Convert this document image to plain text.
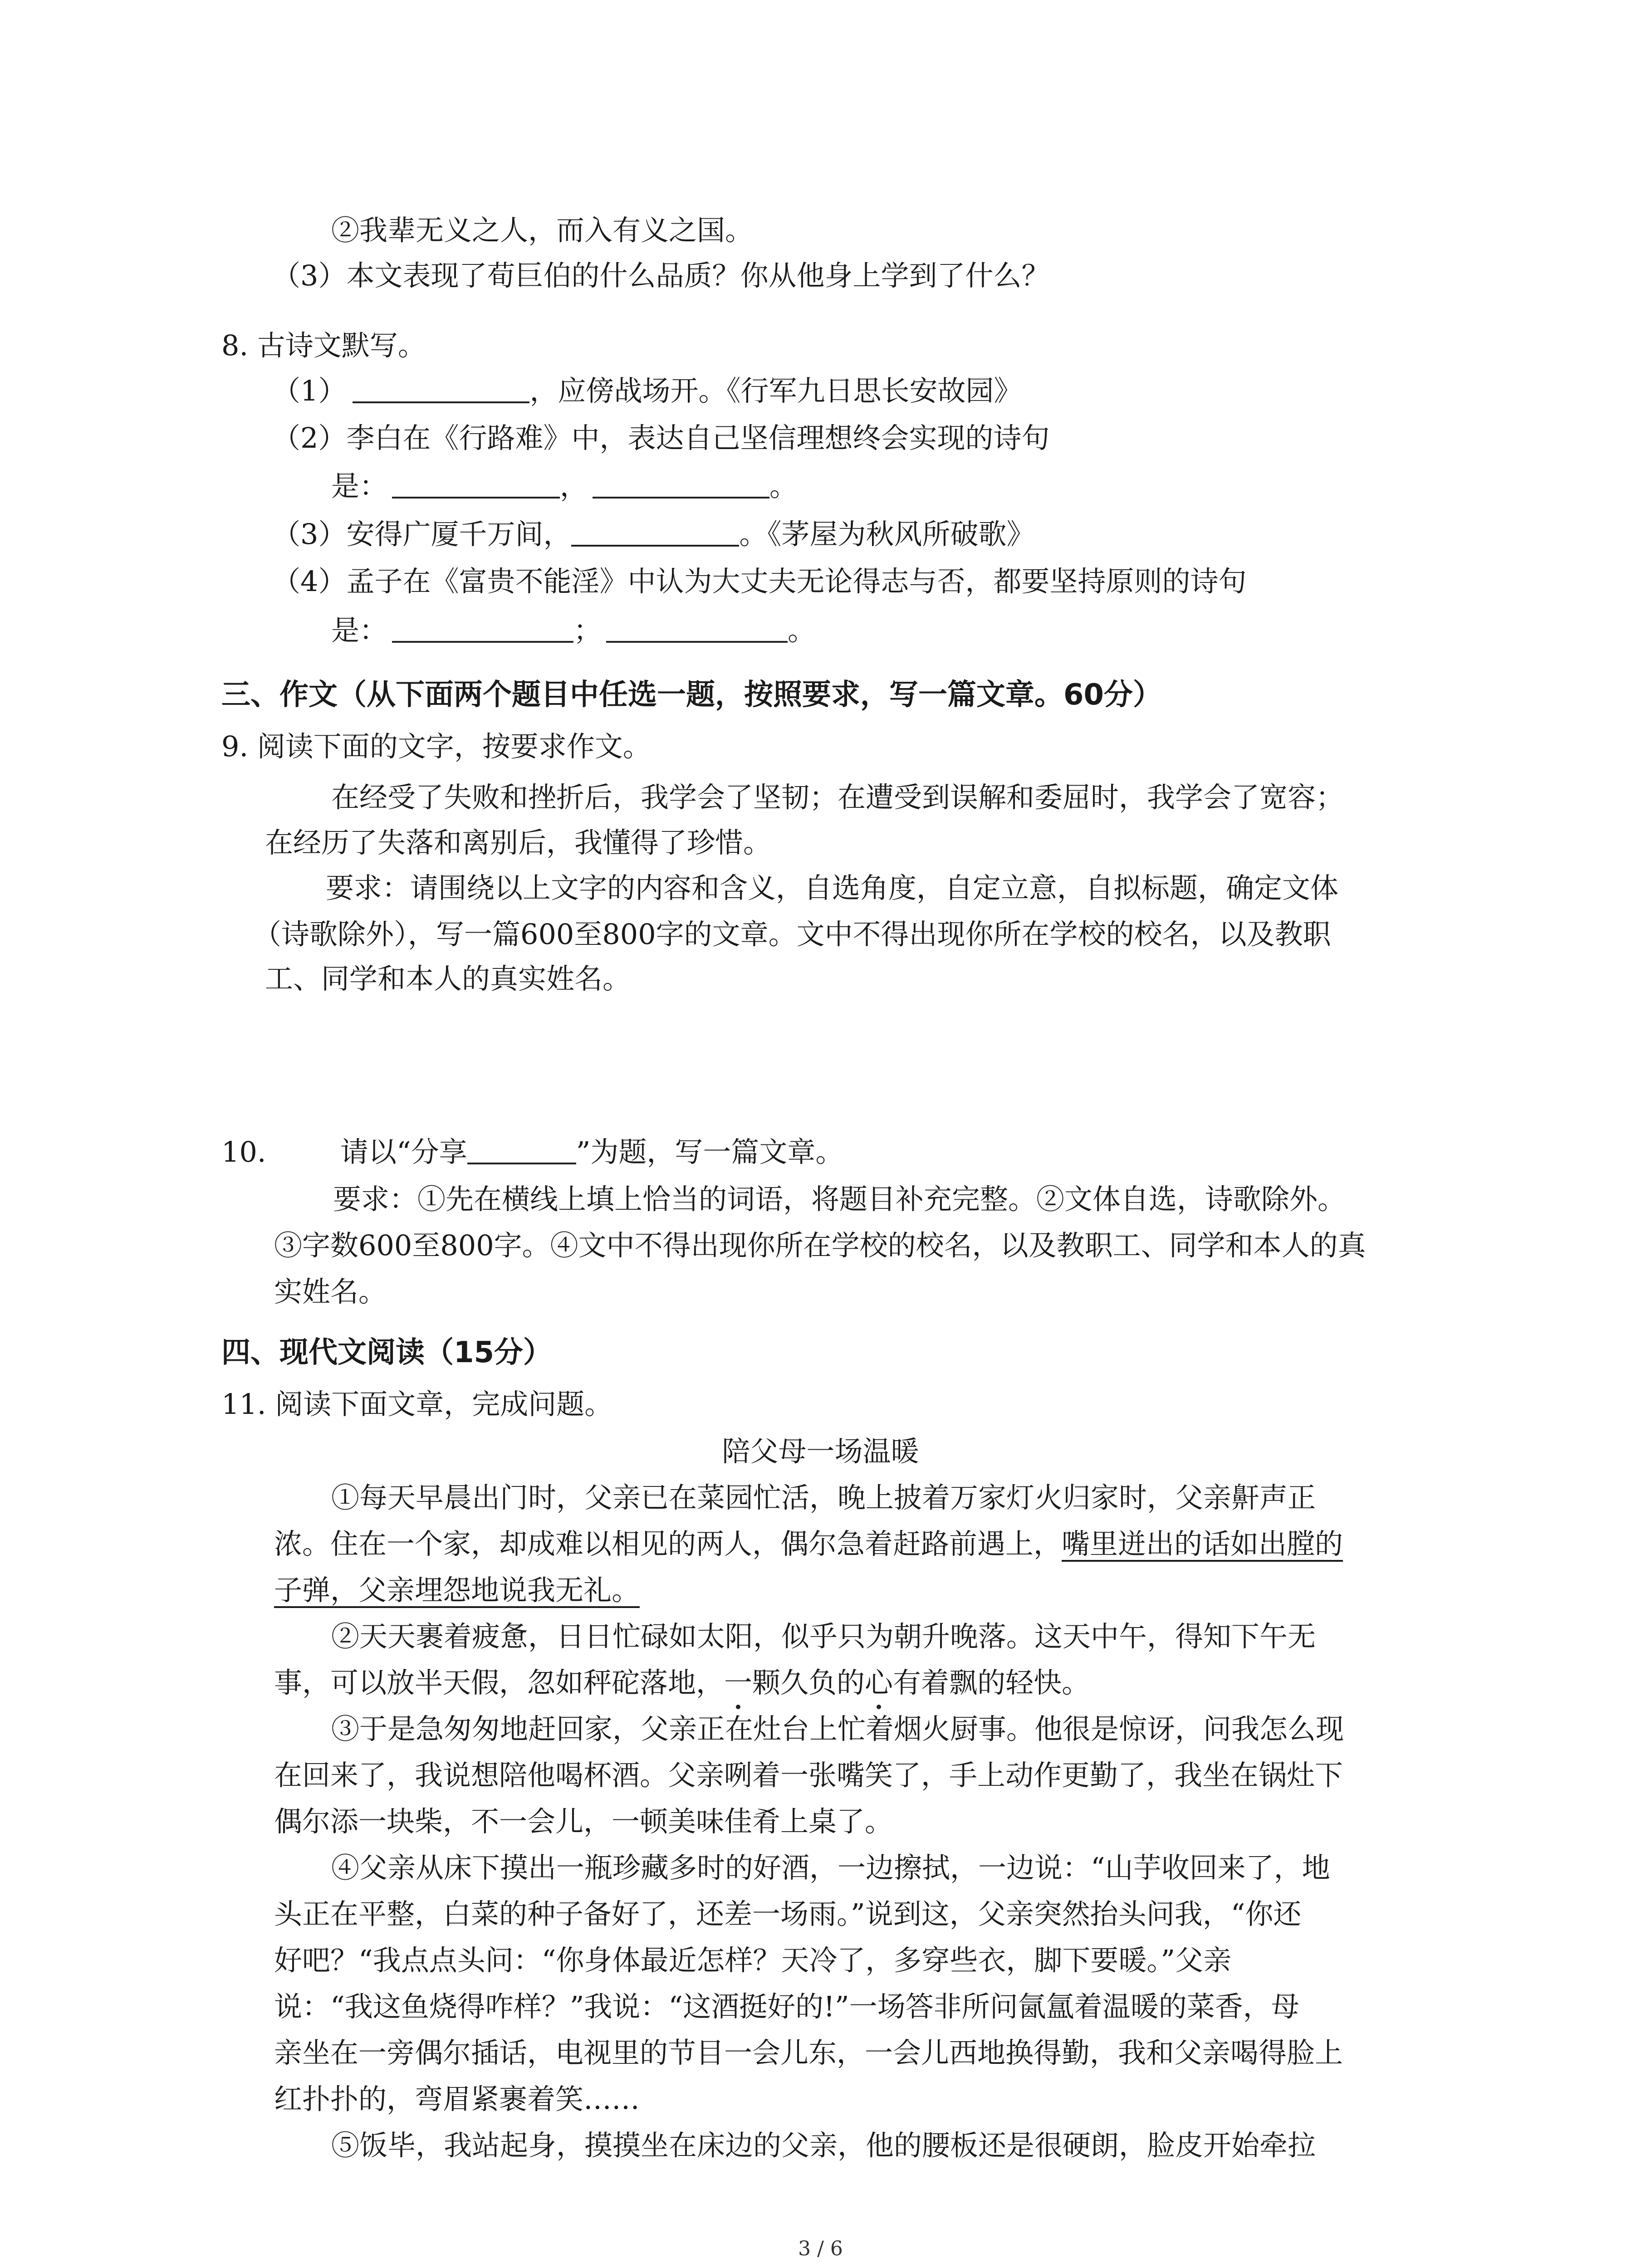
②我辈无义之人，而入有义之国。
（3）本文表现了荀巨伯的什么品质？你从他身上学到了什么？
8. 古诗文默写。
（1）	，应傍战场开。《行军九日思长安故园》
（2）李白在《行路难》中，表达自己坚信理想终会实现的诗句
是：	，	。
（3）安得广厦千万间，	。《茅屋为秋风所破歌》
（4）孟子在《富贵不能淫》中认为大丈夫无论得志与否，都要坚持原则的诗句
是：	；	。
三、作文（从下面两个题目中任选一题，按照要求，写一篇文章。60分）
9. 阅读下面的文字，按要求作文。
在经受了失败和挫折后，我学会了坚韧；在遭受到误解和委屈时，我学会了宽容；
在经历了失落和离别后，我懂得了珍惜。
要求：请围绕以上文字的内容和含义，自选角度，自定立意，自拟标题，确定文体
（诗歌除外），写一篇600至800字的文章。文中不得出现你所在学校的校名，以及教职
工、同学和本人的真实姓名。
10.	请以“分享	”为题，写一篇文章。
要求：①先在横线上填上恰当的词语，将题目补充完整。②文体自选，诗歌除外。
③字数600至800字。④文中不得出现你所在学校的校名，以及教职工、同学和本人的真
实姓名。
四、现代文阅读（15分）
11. 阅读下面文章，完成问题。
陪父母一场温暖
①每天早晨出门时，父亲已在菜园忙活，晚上披着万家灯火归家时，父亲鼾声正
浓。住在一个家，却成难以相见的两人，偶尔急着赶路前遇上，嘴里迸出的话如出膛的
子弹，父亲埋怨地说我无礼。
②天天裹着疲惫，日日忙碌如太阳，似乎只为朝升晚落。这天中午，得知下午无
事，可以放半天假，忽如秤砣落地，一颗久负的心有着飘的轻快。
③于是急匆匆地赶回家，父亲正在灶台上忙着烟火厨事。他很是惊讶，问我怎么现
在回来了，我说想陪他喝杯酒。父亲咧着一张嘴笑了，手上动作更勤了，我坐在锅灶下
偶尔添一块柴，不一会儿，一顿美味佳肴上桌了。
④父亲从床下摸出一瓶珍藏多时的好酒，一边擦拭，一边说：“山芋收回来了，地
头正在平整，白菜的种子备好了，还差一场雨。”说到这，父亲突然抬头问我，“你还
好吧？“我点点头问：“你身体最近怎样？天冷了，多穿些衣，脚下要暖。”父亲
说：“我这鱼烧得咋样？”我说：“这酒挺好的!”一场答非所问氤氲着温暖的菜香，母
亲坐在一旁偶尔插话，电视里的节目一会儿东，一会儿西地换得勤，我和父亲喝得脸上
红扑扑的，弯眉紧裹着笑……
⑤饭毕，我站起身，摸摸坐在床边的父亲，他的腰板还是很硬朗，脸皮开始牵拉
3 / 6
